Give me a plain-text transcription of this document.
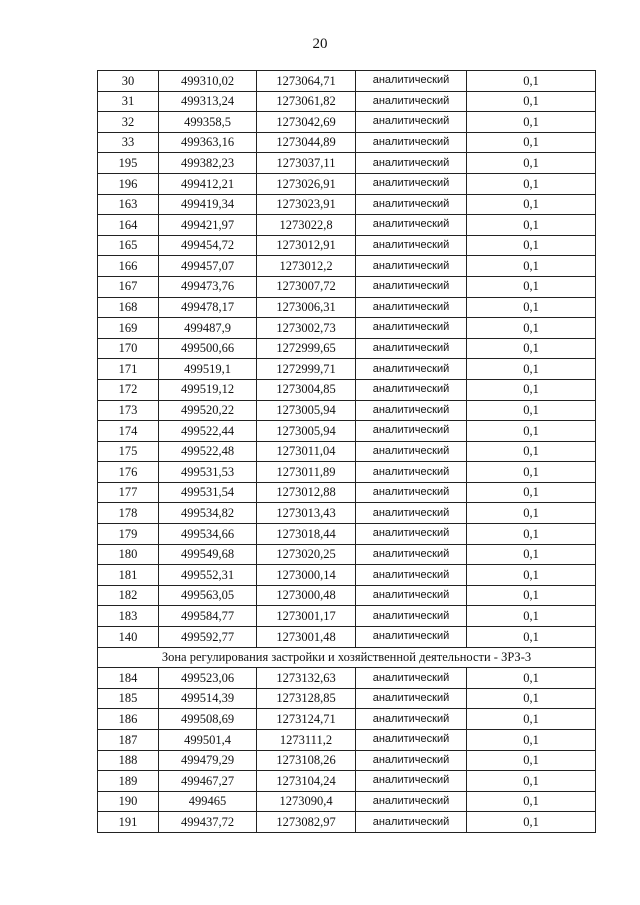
20
30	499310,02	1273064,71	аналитический	0,1
31	499313,24	1273061,82	аналитический	0,1
32	499358,5	1273042,69	аналитический	0,1
33	499363,16	1273044,89	аналитический	0,1
195	499382,23	1273037,11	аналитический	0,1
196	499412,21	1273026,91	аналитический	0,1
163	499419,34	1273023,91	аналитический	0,1
164	499421,97	1273022,8	аналитический	0,1
165	499454,72	1273012,91	аналитический	0,1
166	499457,07	1273012,2	аналитический	0,1
167	499473,76	1273007,72	аналитический	0,1
168	499478,17	1273006,31	аналитический	0,1
169	499487,9	1273002,73	аналитический	0,1
170	499500,66	1272999,65	аналитический	0,1
171	499519,1	1272999,71	аналитический	0,1
172	499519,12	1273004,85	аналитический	0,1
173	499520,22	1273005,94	аналитический	0,1
174	499522,44	1273005,94	аналитический	0,1
175	499522,48	1273011,04	аналитический	0,1
176	499531,53	1273011,89	аналитический	0,1
177	499531,54	1273012,88	аналитический	0,1
178	499534,82	1273013,43	аналитический	0,1
179	499534,66	1273018,44	аналитический	0,1
180	499549,68	1273020,25	аналитический	0,1
181	499552,31	1273000,14	аналитический	0,1
182	499563,05	1273000,48	аналитический	0,1
183	499584,77	1273001,17	аналитический	0,1
140	499592,77	1273001,48	аналитический	0,1
Зона регулирования застройки и хозяйственной деятельности - ЗРЗ-3				
184	499523,06	1273132,63	аналитический	0,1
185	499514,39	1273128,85	аналитический	0,1
186	499508,69	1273124,71	аналитический	0,1
187	499501,4	1273111,2	аналитический	0,1
188	499479,29	1273108,26	аналитический	0,1
189	499467,27	1273104,24	аналитический	0,1
190	499465	1273090,4	аналитический	0,1
191	499437,72	1273082,97	аналитический	0,1
